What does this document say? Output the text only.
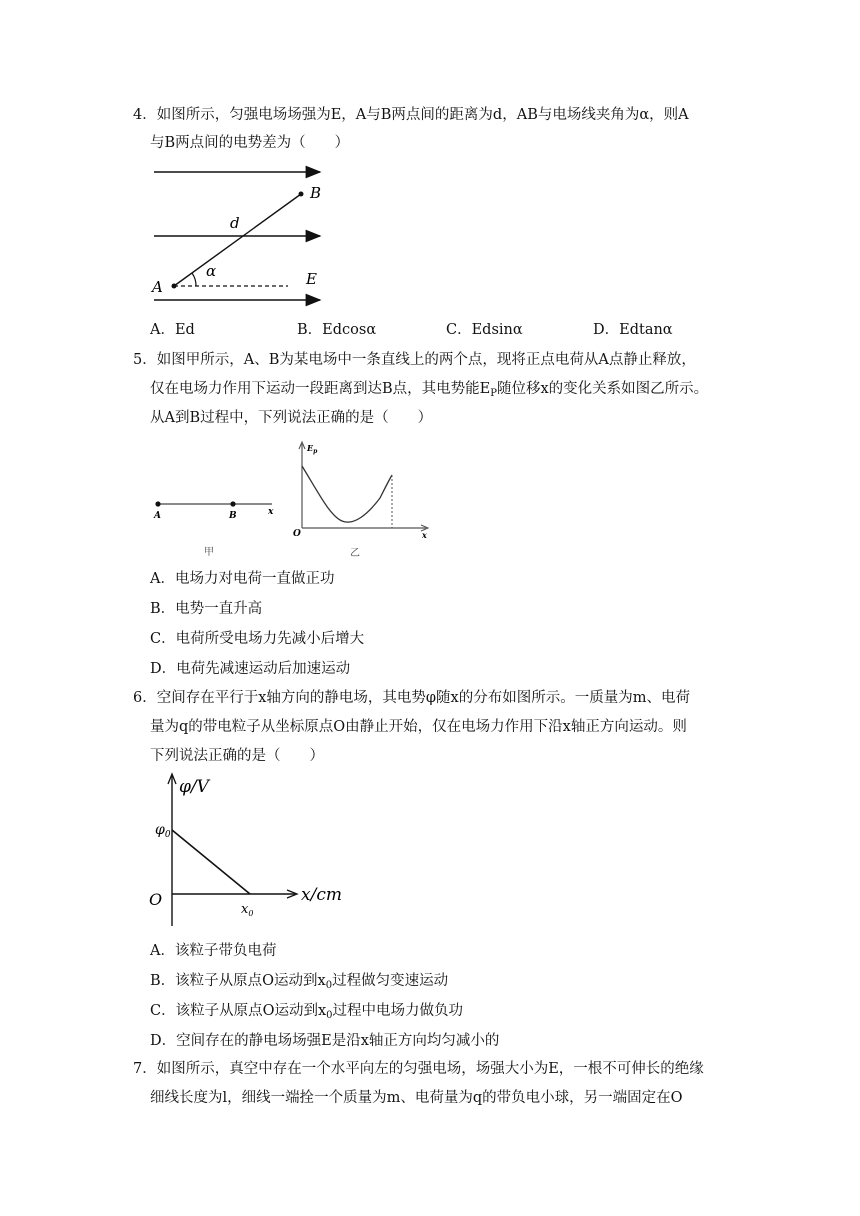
4．如图所示，匀强电场场强为E，A与B两点间的距离为d，AB与电场线夹角为α，则A
与B两点间的电势差为（　　）
B
d
α
A	E
A．Ed	B．Edcosα	C．Edsinα	D．Edtanα
5．如图甲所示，A、B为某电场中一条直线上的两个点，现将正点电荷从A点静止释放，
仅在电场力作用下运动一段距离到达B点，其电势能$E_P$随位移x的变化关系如图乙所示。
从A到B过程中，下列说法正确的是（　　）
A	B	x
甲
$E_p$
O	x
乙
A．电场力对电荷一直做正功
B．电势一直升高
C．电荷所受电场力先减小后增大
D．电荷先减速运动后加速运动
6．空间存在平行于x轴方向的静电场，其电势φ随x的分布如图所示。一质量为m、电荷
量为q的带电粒子从坐标原点O由静止开始，仅在电场力作用下沿x轴正方向运动。则
下列说法正确的是（　　）
φ/V
$\varphi_0$
O
$x_0$
x/cm
A．该粒子带负电荷
B．该粒子从原点O运动到$x_0$过程做匀变速运动
C．该粒子从原点O运动到$x_0$过程中电场力做负功
D．空间存在的静电场场强E是沿x轴正方向均匀减小的
7．如图所示，真空中存在一个水平向左的匀强电场，场强大小为E，一根不可伸长的绝缘
细线长度为l，细线一端拴一个质量为m、电荷量为q的带负电小球，另一端固定在O
